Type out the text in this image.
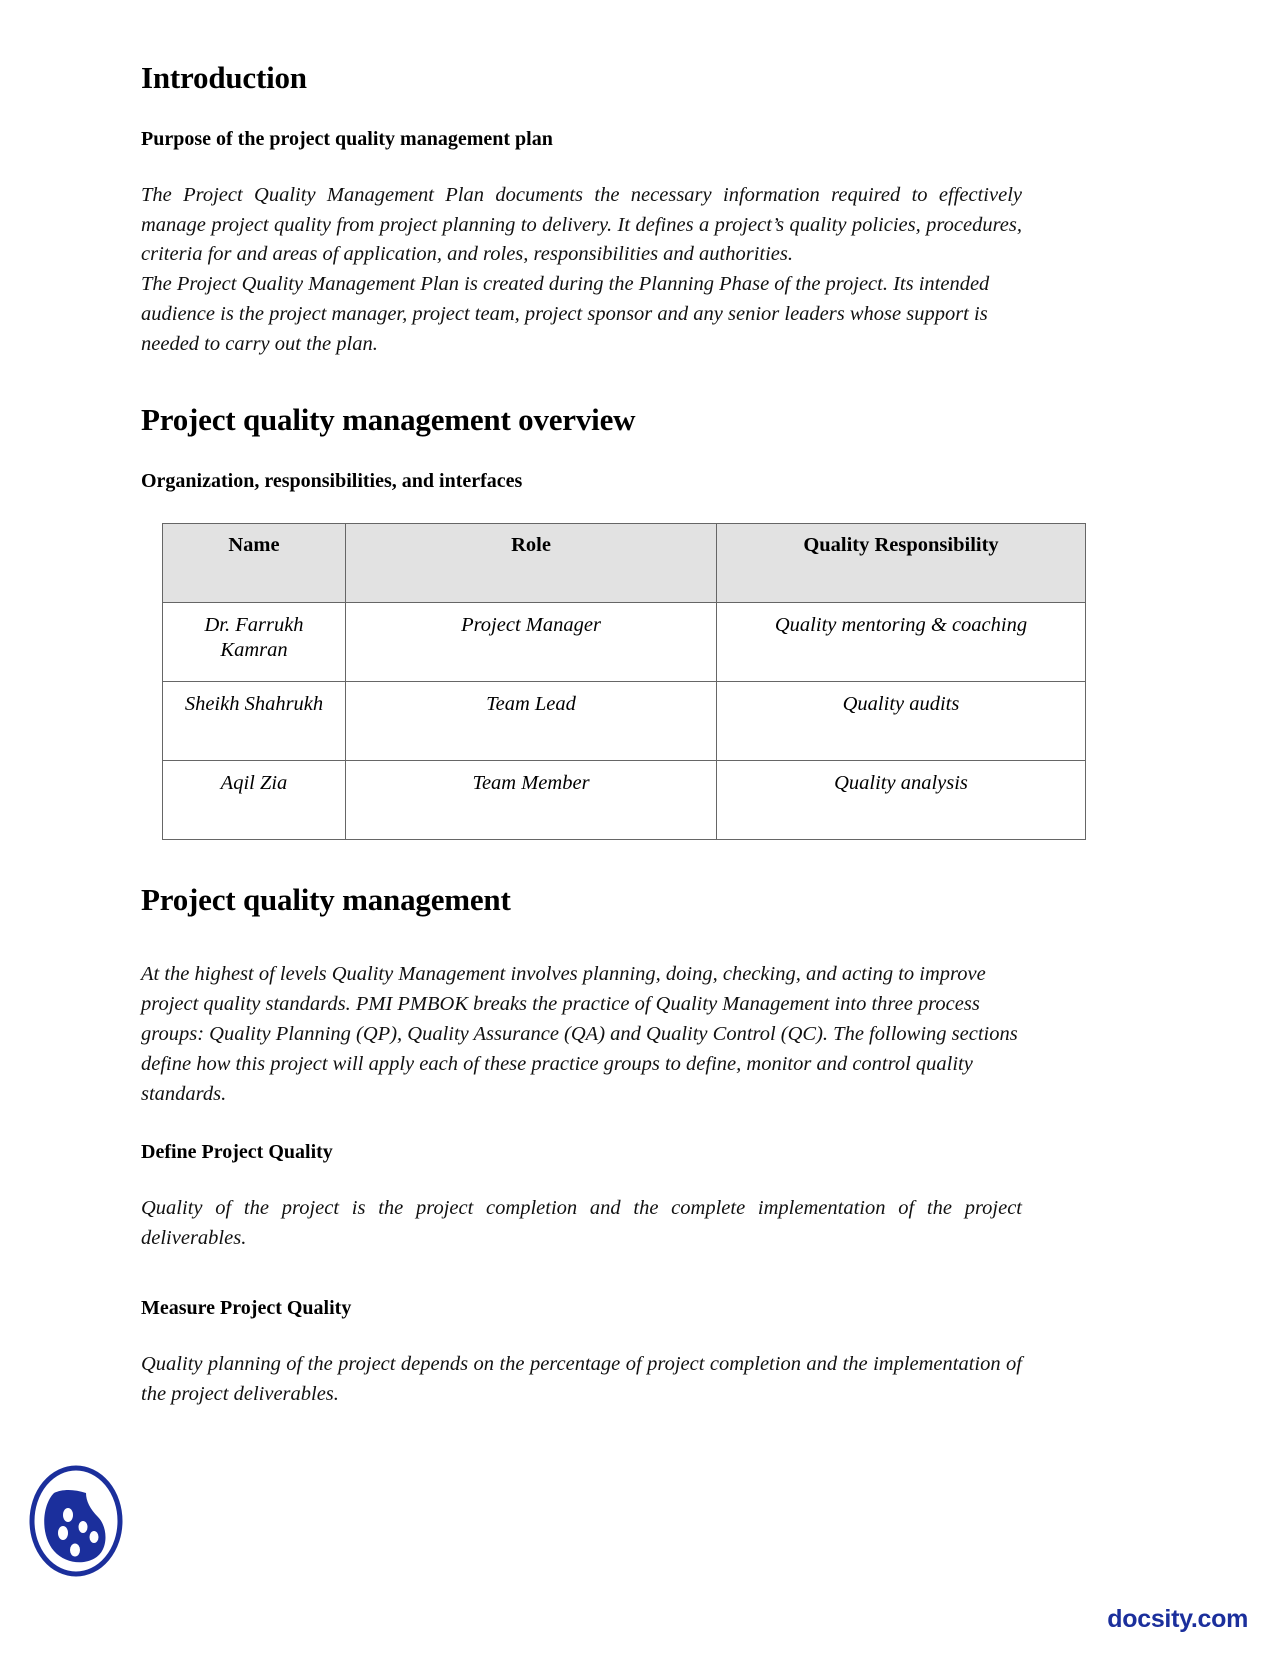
Introduction
Purpose of the project quality management plan

The Project Quality Management Plan documents the necessary information required to effectively manage project quality from project planning to delivery. It defines a project’s quality policies, procedures, criteria for and areas of application, and roles, responsibilities and authorities.

The Project Quality Management Plan is created during the Planning Phase of the project. Its intended audience is the project manager, project team, project sponsor and any senior leaders whose support is needed to carry out the plan.

Project quality management overview
Organization, responsibilities, and interfaces
Name	Role	Quality Responsibility
Dr. Farrukh Kamran	Project Manager	Quality mentoring & coaching
Sheikh Shahrukh	Team Lead	Quality audits
Aqil Zia	Team Member	Quality analysis
Project quality management

At the highest of levels Quality Management involves planning, doing, checking, and acting to improve project quality standards. PMI PMBOK breaks the practice of Quality Management into three process groups: Quality Planning (QP), Quality Assurance (QA) and Quality Control (QC). The following sections define how this project will apply each of these practice groups to define, monitor and control quality standards.

Define Project Quality

Quality of the project is the project completion and the complete implementation of the project deliverables.

Measure Project Quality

Quality planning of the project depends on the percentage of project completion and the implementation of the project deliverables.

docsity.com
